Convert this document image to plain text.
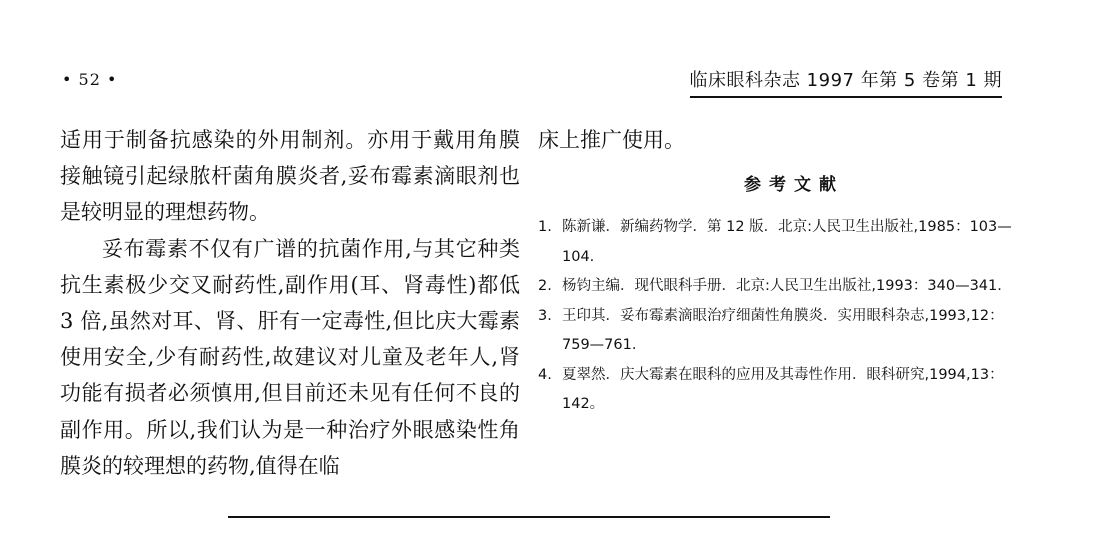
• 52 •	临床眼科杂志 1997 年第 5 卷第 1 期

适用于制备抗感染的外用制剂。亦用于戴用角膜接触镜引起绿脓杆菌角膜炎者,妥布霉素滴眼剂也是较明显的理想药物。

妥布霉素不仅有广谱的抗菌作用,与其它种类抗生素极少交叉耐药性,副作用(耳、肾毒性)都低 3 倍,虽然对耳、肾、肝有一定毒性,但比庆大霉素使用安全,少有耐药性,故建议对儿童及老年人,肾功能有损者必须慎用,但目前还未见有任何不良的副作用。所以,我们认为是一种治疗外眼感染性角膜炎的较理想的药物,值得在临

床上推广使用。

参考文献
1. 陈新谦．新编药物学．第 12 版．北京:人民卫生出版社,1985：103—104.
2. 杨钧主编．现代眼科手册．北京:人民卫生出版社,1993：340—341.
3. 王印其．妥布霉素滴眼治疗细菌性角膜炎．实用眼科杂志,1993,12：759—761.
4. 夏翠然．庆大霉素在眼科的应用及其毒性作用．眼科研究,1994,13：142。
